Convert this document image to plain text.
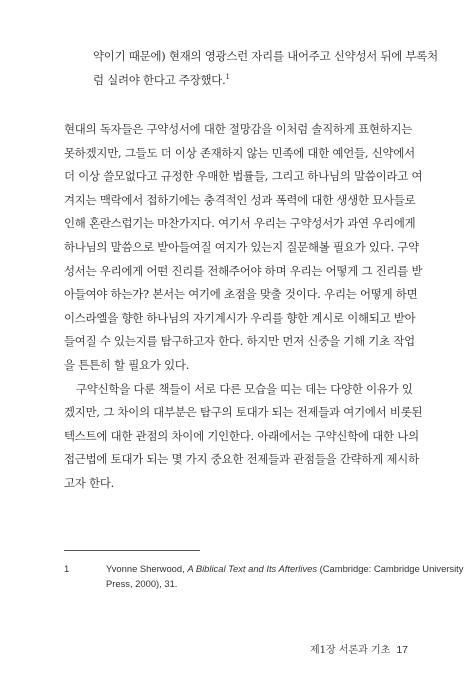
약이기 때문에) 현재의 영광스런 자리를 내어주고 신약성서 뒤에 부록처
럼 실려야 한다고 주장했다.$^1$
현대의 독자들은 구약성서에 대한 절망감을 이처럼 솔직하게 표현하지는
못하겠지만, 그들도 더 이상 존재하지 않는 민족에 대한 예언들, 신약에서
더 이상 쓸모없다고 규정한 우매한 법률들, 그리고 하나님의 말씀이라고 여
겨지는 맥락에서 접하기에는 충격적인 성과 폭력에 대한 생생한 묘사들로
인해 혼란스럽기는 마찬가지다. 여기서 우리는 구약성서가 과연 우리에게
하나님의 말씀으로 받아들여질 여지가 있는지 질문해볼 필요가 있다. 구약
성서는 우리에게 어떤 진리를 전해주어야 하며 우리는 어떻게 그 진리를 받
아들여야 하는가? 본서는 여기에 초점을 맞출 것이다. 우리는 어떻게 하면
이스라엘을 향한 하나님의 자기계시가 우리를 향한 계시로 이해되고 받아
들여질 수 있는지를 탐구하고자 한다. 하지만 먼저 신중을 기해 기초 작업
을 튼튼히 할 필요가 있다.
구약신학을 다룬 책들이 서로 다른 모습을 띠는 데는 다양한 이유가 있
겠지만, 그 차이의 대부분은 탐구의 토대가 되는 전제들과 여기에서 비롯된
텍스트에 대한 관점의 차이에 기인한다. 아래에서는 구약신학에 대한 나의
접근법에 토대가 되는 몇 가지 중요한 전제들과 관점들을 간략하게 제시하
고자 한다.
1	Yvonne Sherwood, A Biblical Text and Its Afterlives (Cambridge: Cambridge University
Press, 2000), 31.
제1장 서론과 기초 17
